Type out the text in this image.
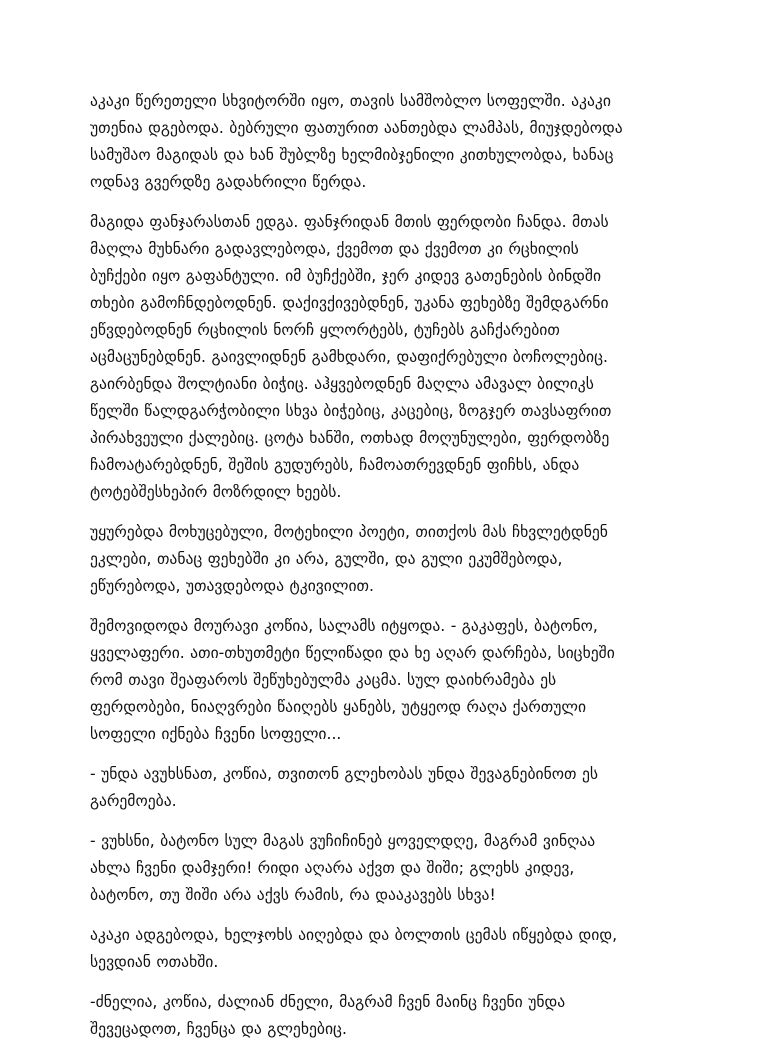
აკაკი წერეთელი სხვიტორში იყო, თავის სამშობლო სოფელში. აკაკი
უთენია დგებოდა. ბებრული ფათურით აანთებდა ლამპას, მიუჯდებოდა
სამუშაო მაგიდას და ხან შუბლზე ხელმიბჯენილი კითხულობდა, ხანაც
ოდნავ გვერდზე გადახრილი წერდა.

მაგიდა ფანჯარასთან ედგა. ფანჯრიდან მთის ფერდობი ჩანდა. მთას
მაღლა მუხნარი გადავლებოდა, ქვემოთ და ქვემოთ კი რცხილის
ბუჩქები იყო გაფანტული. იმ ბუჩქებში, ჯერ კიდევ გათენების ბინდში
თხები გამოჩნდებოდნენ. დაქივქივებდნენ, უკანა ფეხებზე შემდგარნი
ეწვდებოდნენ რცხილის ნორჩ ყლორტებს, ტუჩებს გაჩქარებით
აცმაცუნებდნენ. გაივლიდნენ გამხდარი, დაფიქრებული ბოჩოლებიც.
გაირბენდა შოლტიანი ბიჭიც. აჰყვებოდნენ მაღლა ამავალ ბილიკს
წელში წალდგარჭობილი სხვა ბიჭებიც, კაცებიც, ზოგჯერ თავსაფრით
პირახვეული ქალებიც. ცოტა ხანში, ოთხად მოღუნულები, ფერდობზე
ჩამოატარებდნენ, შეშის გუდურებს, ჩამოათრევდნენ ფიჩხს, ანდა
ტოტებშესხეპირ მოზრდილ ხეებს.

უყურებდა მოხუცებული, მოტეხილი პოეტი, თითქოს მას ჩხვლეტდნენ
ეკლები, თანაც ფეხებში კი არა, გულში, და გული ეკუმშებოდა,
ეწურებოდა, უთავდებოდა ტკივილით.

შემოვიდოდა მოურავი კოწია, სალამს იტყოდა. - გაკაფეს, ბატონო,
ყველაფერი. ათი-თხუთმეტი წელიწადი და ხე აღარ დარჩება, სიცხეში
რომ თავი შეაფაროს შეწუხებულმა კაცმა. სულ დაიხრამება ეს
ფერდობები, ნიაღვრები წაიღებს ყანებს, უტყეოდ რაღა ქართული
სოფელი იქნება ჩვენი სოფელი...

- უნდა ავუხსნათ, კოწია, თვითონ გლეხობას უნდა შევაგნებინოთ ეს
გარემოება.

- ვუხსნი, ბატონო სულ მაგას ვუჩიჩინებ ყოველდღე, მაგრამ ვინღაა
ახლა ჩვენი დამჯერი! რიდი აღარა აქვთ და შიში; გლეხს კიდევ,
ბატონო, თუ შიში არა აქვს რამის, რა დააკავებს სხვა!

აკაკი ადგებოდა, ხელჯოხს აიღებდა და ბოლთის ცემას იწყებდა დიდ,
სევდიან ოთახში.

-ძნელია, კოწია, ძალიან ძნელი, მაგრამ ჩვენ მაინც ჩვენი უნდა
შევეცადოთ, ჩვენცა და გლეხებიც.
